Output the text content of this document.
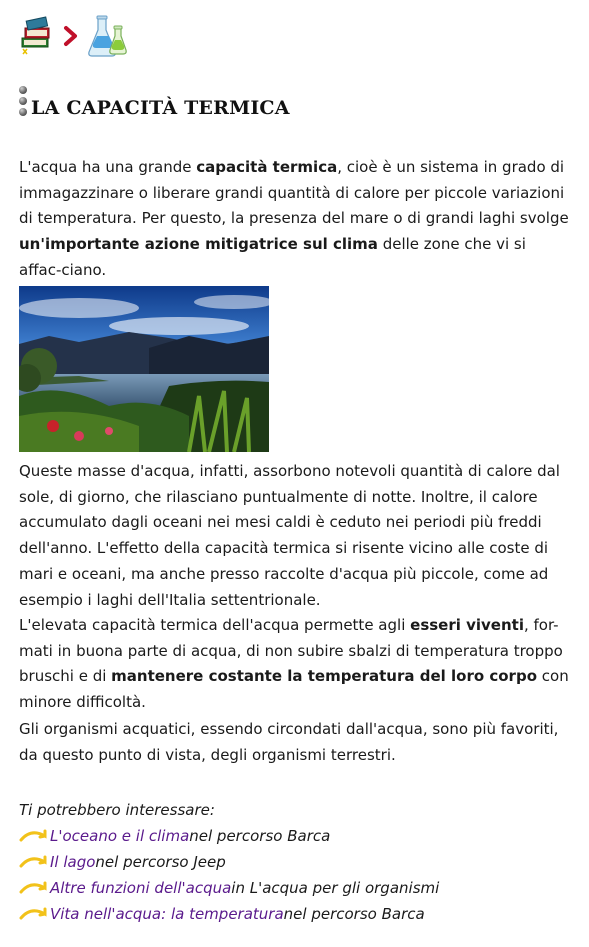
LA CAPACITÀ TERMICA

L'acqua ha una grande capacità termica, cioè è un sistema in grado di immagazzinare o liberare grandi quantità di calore per piccole variazioni di temperatura. Per questo, la presenza del mare o di grandi laghi svolge un'importante azione mitigatrice sul clima delle zone che vi si affac-ciano.

Queste masse d'acqua, infatti, assorbono notevoli quantità di calore dal sole, di giorno, che rilasciano puntualmente di notte. Inoltre, il calore accumulato dagli oceani nei mesi caldi è ceduto nei periodi più freddi dell'anno. L'effetto della capacità termica si risente vicino alle coste di mari e oceani, ma anche presso raccolte d'acqua più piccole, come ad esempio i laghi dell'Italia settentrionale.

L'elevata capacità termica dell'acqua permette agli esseri viventi, for-mati in buona parte di acqua, di non subire sbalzi di temperatura troppo bruschi e di mantenere costante la temperatura del loro corpo con minore difficoltà.

Gli organismi acquatici, essendo circondati dall'acqua, sono più favoriti, da questo punto di vista, degli organismi terrestri.

Ti potrebbero interessare:
L'oceano e il clima nel percorso Barca
Il lago nel percorso Jeep
Altre funzioni dell'acqua in L'acqua per gli organismi
Vita nell'acqua: la temperatura nel percorso Barca
